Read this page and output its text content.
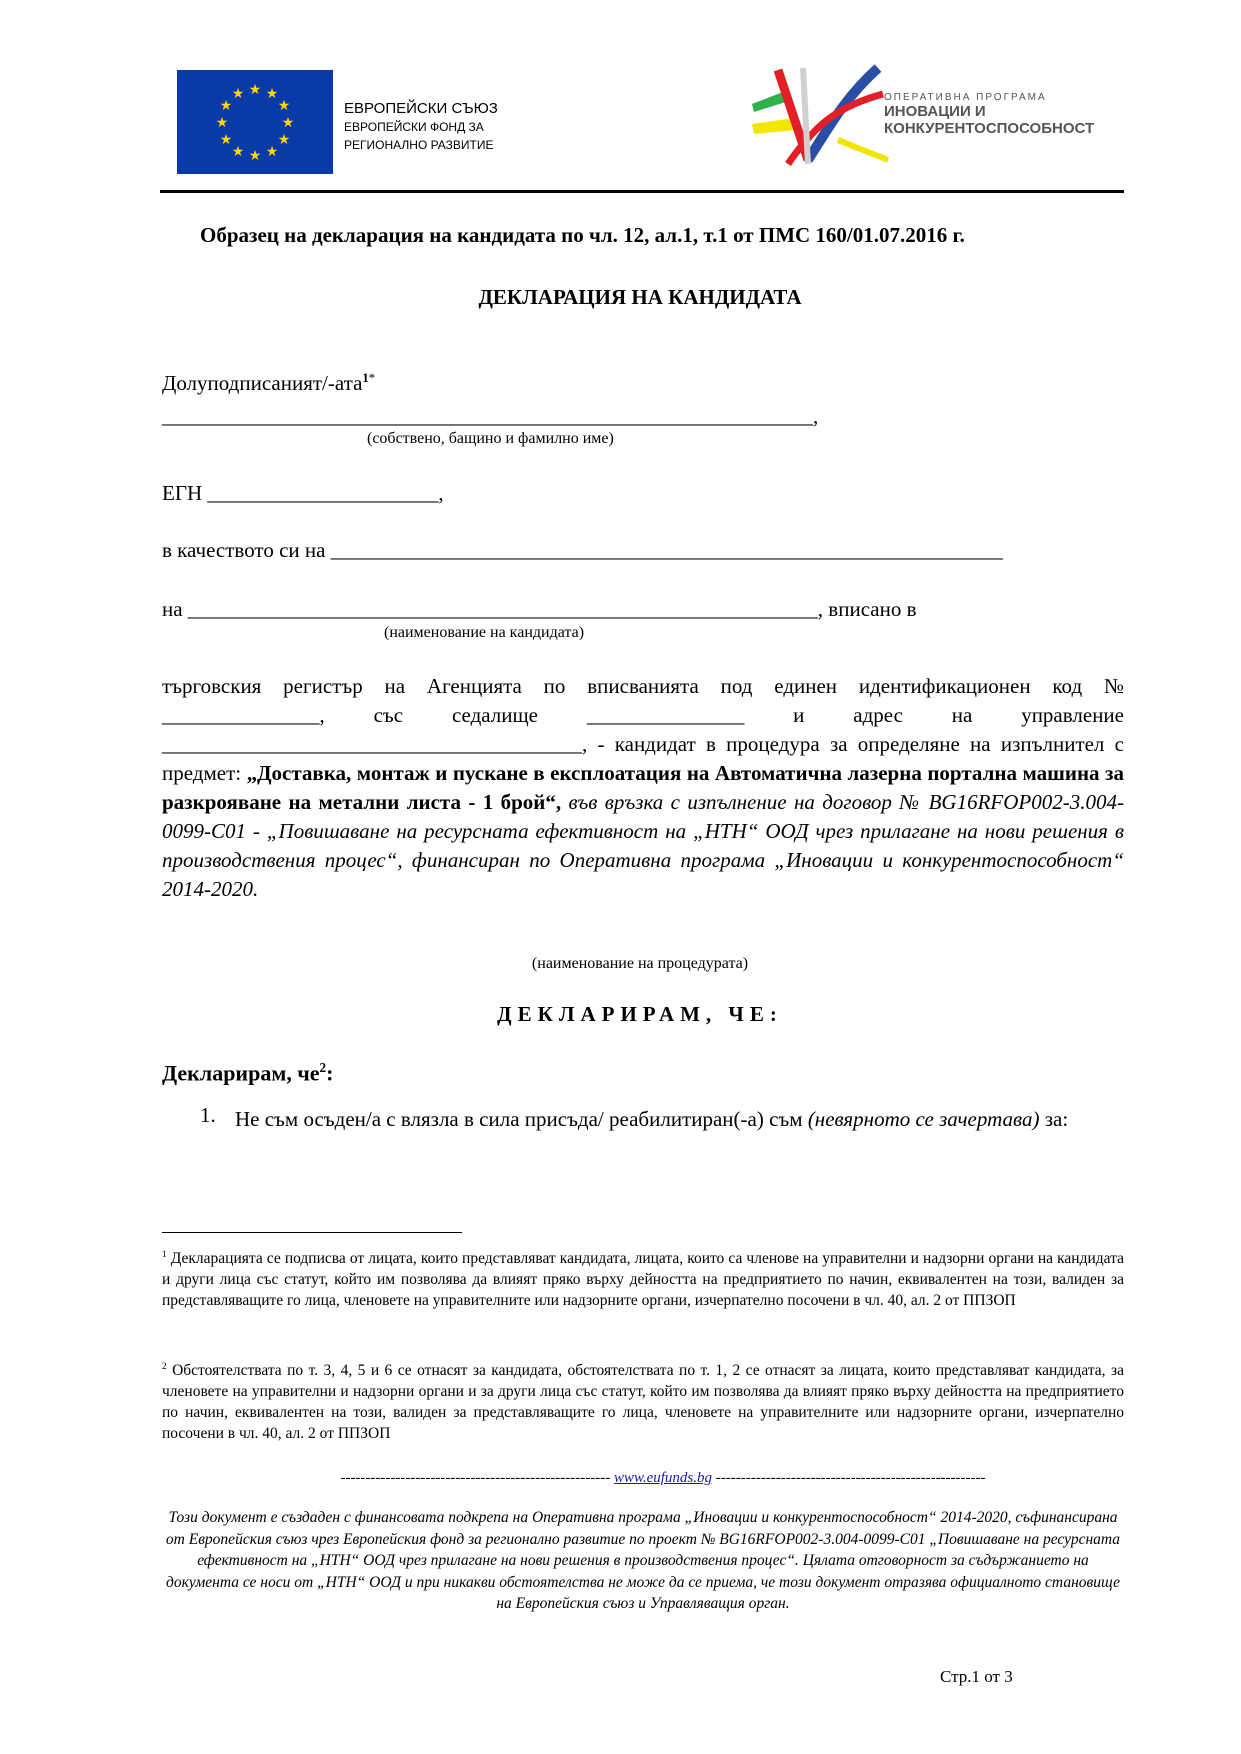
★ ★
★
★
★
★
★
★
★
★
★
★
ЕВРОПЕЙСКИ СЪЮЗ
ЕВРОПЕЙСКИ ФОНД ЗА
РЕГИОНАЛНО РАЗВИТИЕ
ОПЕРАТИВНА ПРОГРАМА
ИНОВАЦИИ И
КОНКУРЕНТОСПОСОБНОСТ
Образец на декларация на кандидата по чл. 12, ал.1, т.1 от ПМС 160/01.07.2016 г.
ДЕКЛАРАЦИЯ НА КАНДИДАТА
Долуподписаният/-ата$^{1*}$
______________________________________________________________,
(собствено, бащино и фамилно име)
ЕГН ______________________,
в качеството си на ________________________________________________________________
на ____________________________________________________________, вписано в
(наименование на кандидата)
търговския регистър на Агенцията по вписванията под единен идентификационен код № _______________, със седалище _______________ и адрес на управление ________________________________________, - кандидат в процедура за определяне на изпълнител с предмет: „Доставка, монтаж и пускане в експлоатация на Автоматична лазерна портална машина за разкрояване на метални листа - 1 брой“, във връзка с изпълнение на договор № BG16RFOP002-3.004-0099-C01 - „Повишаване на ресурсната ефективност на „НТН“ ООД чрез прилагане на нови решения в производствения процес“, финансиран по Оперативна програма „Иновации и конкурентоспособност“ 2014-2020.
(наименование на процедурата)
ДЕКЛАРИРАМ, ЧЕ:
Декларирам, $че^2$:
1. Не съм осъден/а с влязла в сила присъда/ реабилитиран(-а) съм (невярното се зачертава) за:
$^1$ Декларацията се подписва от лицата, които представляват кандидата, лицата, които са членове на управителни и надзорни органи на кандидата и други лица със статут, който им позволява да влияят пряко върху дейността на предприятието по начин, еквивалентен на този, валиден за представляващите го лица, членовете на управителните или надзорните органи, изчерпателно посочени в чл. 40, ал. 2 от ППЗОП
$^2$ Обстоятелствата по т. 3, 4, 5 и 6 се отнасят за кандидата, обстоятелствата по т. 1, 2 се отнасят за лицата, които представляват кандидата, за членовете на управителни и надзорни органи и за други лица със статут, който им позволява да влияят пряко върху дейността на предприятието по начин, еквивалентен на този, валиден за представляващите го лица, членовете на управителните или надзорните органи, изчерпателно посочени в чл. 40, ал. 2 от ППЗОП
------------------------------------------------------ www.eufunds.bg ------------------------------------------------------
Този документ е създаден с финансовата подкрепа на Оперативна програма „Иновации и конкурентоспособност“ 2014-2020, съфинансирана от Европейския съюз чрез Европейския фонд за регионално развитие по проект № BG16RFOP002-3.004-0099-C01 „Повишаване на ресурсната ефективност на „НТН“ ООД чрез прилагане на нови решения в производствения процес“. Цялата отговорност за съдържанието на документа се носи от „НТН“ ООД и при никакви обстоятелства не може да се приема, че този документ отразява официалното становище на Европейския съюз и Управляващия орган.
Стр.1 от 3
